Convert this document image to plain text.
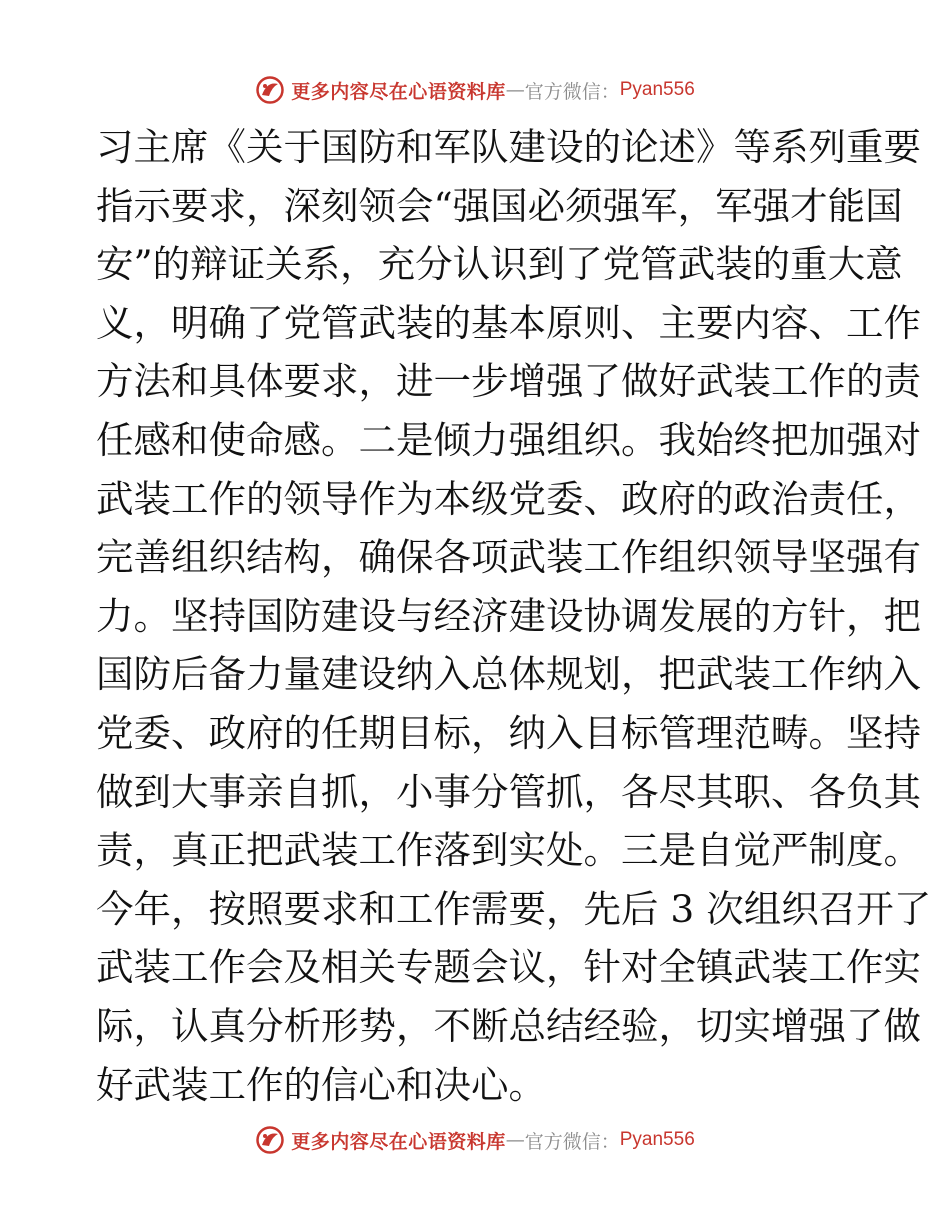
更多内容尽在心语资料库 — 官方微信： Pyan556
习主席《关于国防和军队建设的论述》等系列重要
指示要求，深刻领会“强国必须强军，军强才能国
安”的辩证关系，充分认识到了党管武装的重大意
义，明确了党管武装的基本原则、主要内容、工作
方法和具体要求，进一步增强了做好武装工作的责
任感和使命感。二是倾力强组织。我始终把加强对
武装工作的领导作为本级党委、政府的政治责任，
完善组织结构，确保各项武装工作组织领导坚强有
力。坚持国防建设与经济建设协调发展的方针，把
国防后备力量建设纳入总体规划，把武装工作纳入
党委、政府的任期目标，纳入目标管理范畴。坚持
做到大事亲自抓，小事分管抓，各尽其职、各负其
责，真正把武装工作落到实处。三是自觉严制度。
今年，按照要求和工作需要，先后 3 次组织召开了
武装工作会及相关专题会议，针对全镇武装工作实
际，认真分析形势，不断总结经验，切实增强了做
好武装工作的信心和决心。
更多内容尽在心语资料库 — 官方微信： Pyan556
